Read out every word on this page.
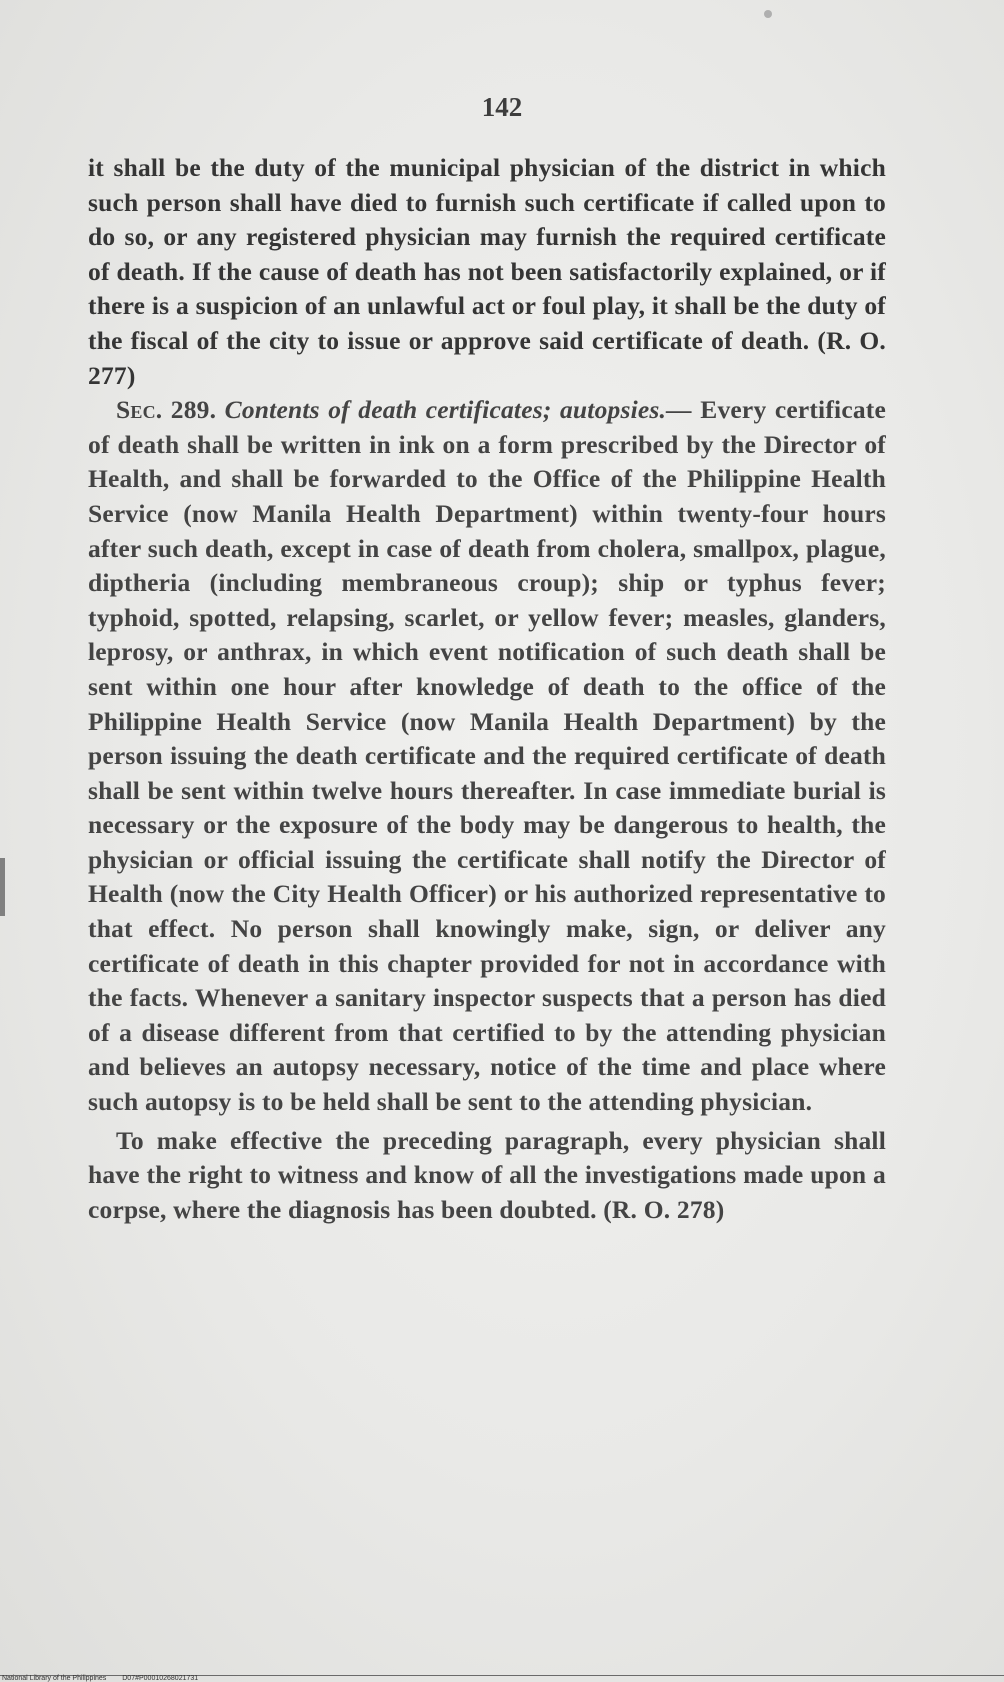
142

it shall be the duty of the municipal physician of the district in which such person shall have died to furnish such certificate if called upon to do so, or any registered physician may furnish the required certificate of death. If the cause of death has not been satisfactorily explained, or if there is a suspicion of an unlawful act or foul play, it shall be the duty of the fiscal of the city to issue or approve said certificate of death. (R. O. 277)

Sec. 289. Contents of death certificates; autopsies.— Every certificate of death shall be written in ink on a form prescribed by the Director of Health, and shall be forwarded to the Office of the Philippine Health Service (now Manila Health Department) within twenty-four hours after such death, except in case of death from cholera, smallpox, plague, diptheria (including membraneous croup); ship or typhus fever; typhoid, spotted, relapsing, scarlet, or yellow fever; measles, glanders, leprosy, or anthrax, in which event notification of such death shall be sent within one hour after knowledge of death to the office of the Philippine Health Service (now Manila Health Department) by the person issuing the death certificate and the required certificate of death shall be sent within twelve hours thereafter. In case immediate burial is necessary or the exposure of the body may be dangerous to health, the physician or official issuing the certificate shall notify the Director of Health (now the City Health Officer) or his authorized representative to that effect. No person shall knowingly make, sign, or deliver any certificate of death in this chapter provided for not in accordance with the facts. Whenever a sanitary inspector suspects that a person has died of a disease different from that certified to by the attending physician and believes an autopsy necessary, notice of the time and place where such autopsy is to be held shall be sent to the attending physician.

To make effective the preceding paragraph, every physician shall have the right to witness and know of all the investigations made upon a corpse, where the diagnosis has been doubted. (R. O. 278)

National Library of the Philippines D07#P00010268021731
